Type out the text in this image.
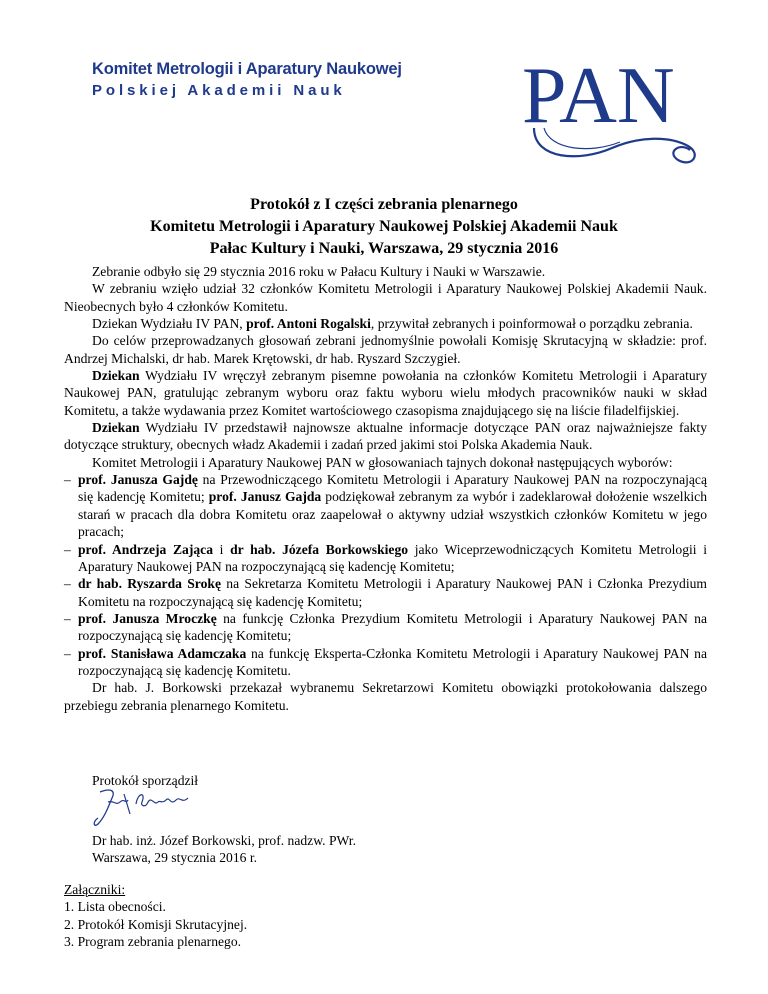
Komitet Metrologii i Aparatury Naukowej
Polskiej Akademii Nauk	PAN
Protokół z I części zebrania plenarnego
Komitetu Metrologii i Aparatury Naukowej Polskiej Akademii Nauk
Pałac Kultury i Nauki, Warszawa, 29 stycznia 2016

Zebranie odbyło się 29 stycznia 2016 roku w Pałacu Kultury i Nauki w Warszawie.

W zebraniu wzięło udział 32 członków Komitetu Metrologii i Aparatury Naukowej Polskiej Akademii Nauk. Nieobecnych było 4 członków Komitetu.

Dziekan Wydziału IV PAN, prof. Antoni Rogalski, przywitał zebranych i poinformował o porządku zebrania.

Do celów przeprowadzanych głosowań zebrani jednomyślnie powołali Komisję Skrutacyjną w składzie: prof. Andrzej Michalski, dr hab. Marek Krętowski, dr hab. Ryszard Szczygieł.

Dziekan Wydziału IV wręczył zebranym pisemne powołania na członków Komitetu Metrologii i Aparatury Naukowej PAN, gratulując zebranym wyboru oraz faktu wyboru wielu młodych pracowników nauki w skład Komitetu, a także wydawania przez Komitet wartościowego czasopisma znajdującego się na liście filadelfijskiej.

Dziekan Wydziału IV przedstawił najnowsze aktualne informacje dotyczące PAN oraz najważniejsze fakty dotyczące struktury, obecnych władz Akademii i zadań przed jakimi stoi Polska Akademia Nauk.

Komitet Metrologii i Aparatury Naukowej PAN w głosowaniach tajnych dokonał następujących wyborów:

– prof. Janusza Gajdę na Przewodniczącego Komitetu Metrologii i Aparatury Naukowej PAN na rozpoczynającą się kadencję Komitetu; prof. Janusz Gajda podziękował zebranym za wybór i zadeklarował dołożenie wszelkich starań w pracach dla dobra Komitetu oraz zaapelował o aktywny udział wszystkich członków Komitetu w jego pracach;

– prof. Andrzeja Zająca i dr hab. Józefa Borkowskiego jako Wiceprzewodniczących Komitetu Metrologii i Aparatury Naukowej PAN na rozpoczynającą się kadencję Komitetu;

– dr hab. Ryszarda Srokę na Sekretarza Komitetu Metrologii i Aparatury Naukowej PAN i Członka Prezydium Komitetu na rozpoczynającą się kadencję Komitetu;

– prof. Janusza Mroczkę na funkcję Członka Prezydium Komitetu Metrologii i Aparatury Naukowej PAN na rozpoczynającą się kadencję Komitetu;

– prof. Stanisława Adamczaka na funkcję Eksperta-Członka Komitetu Metrologii i Aparatury Naukowej PAN na rozpoczynającą się kadencję Komitetu.

Dr hab. J. Borkowski przekazał wybranemu Sekretarzowi Komitetu obowiązki protokołowania dalszego przebiegu zebrania plenarnego Komitetu.

Protokół sporządził
Dr hab. inż. Józef Borkowski, prof. nadzw. PWr.
Warszawa, 29 stycznia 2016 r.
Załączniki:
1. Lista obecności.
2. Protokół Komisji Skrutacyjnej.
3. Program zebrania plenarnego.
